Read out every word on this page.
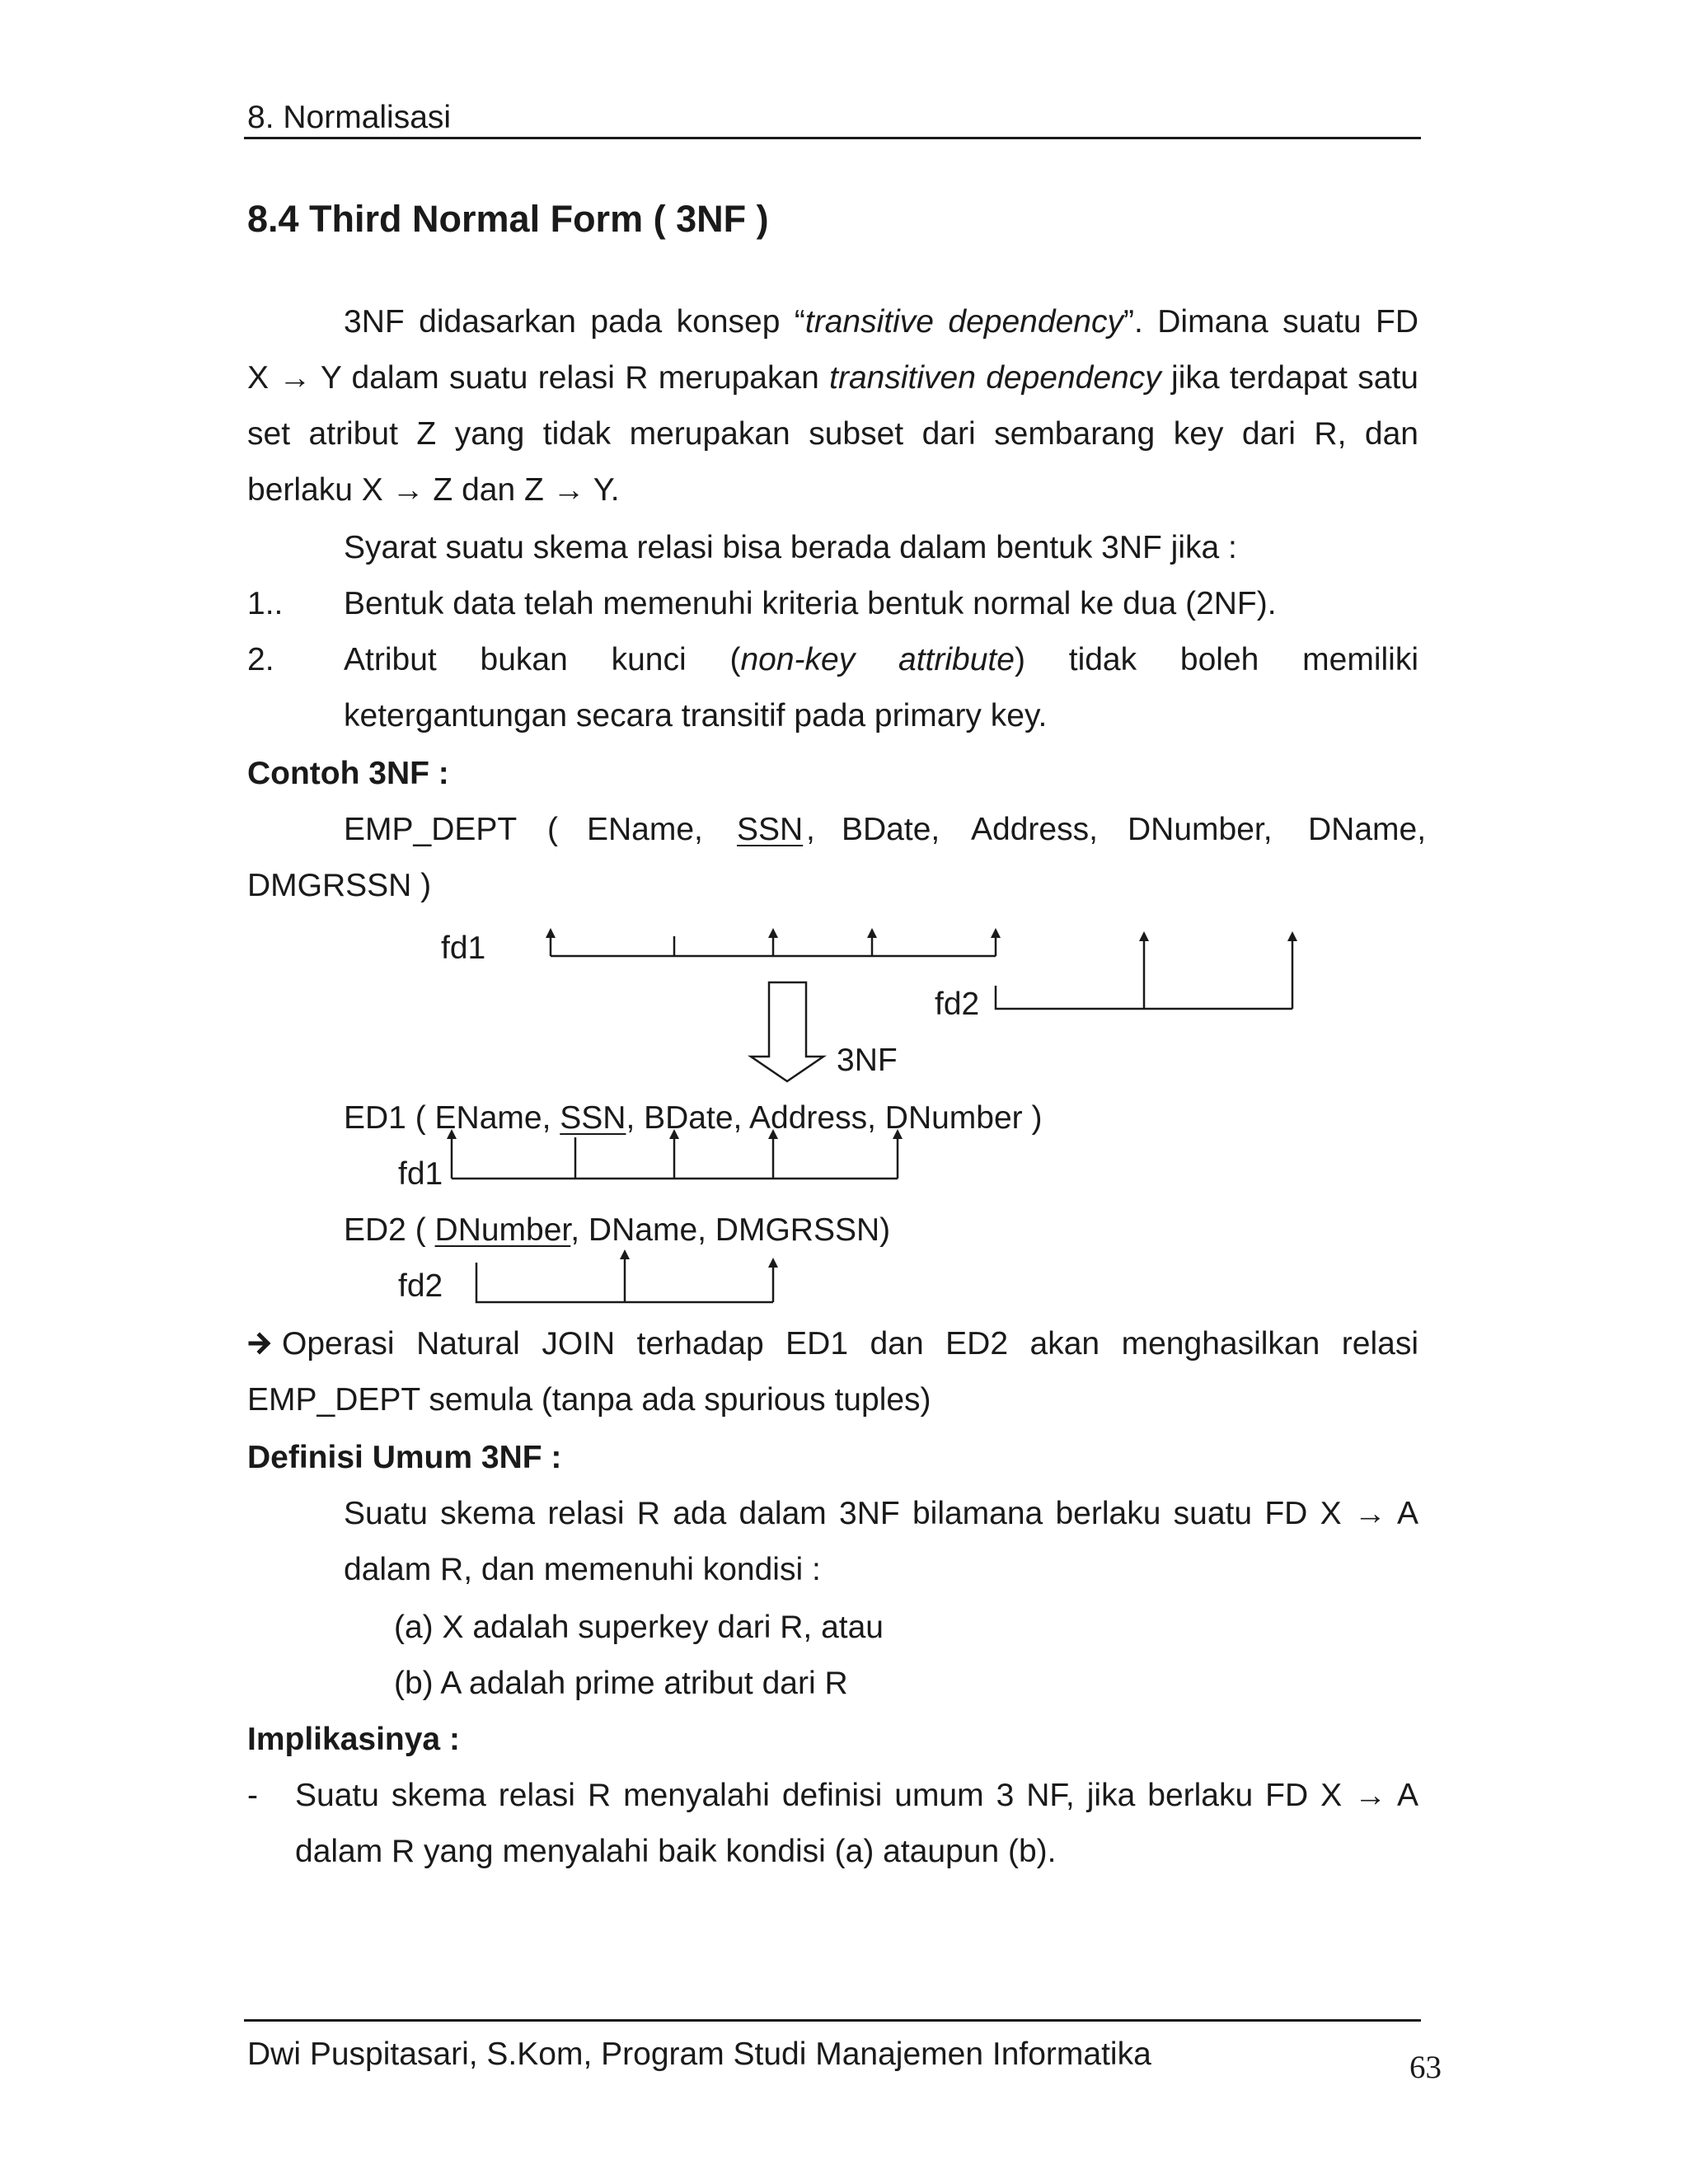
8. Normalisasi
8.4 Third Normal Form ( 3NF )
3NF didasarkan pada konsep “transitive dependency”. Dimana suatu FD
X → Y dalam suatu relasi R merupakan transitiven dependency jika terdapat satu
set atribut Z yang tidak merupakan subset dari sembarang key dari R, dan
berlaku X → Z dan Z → Y.
Syarat suatu skema relasi bisa berada dalam bentuk 3NF jika :
1.. Bentuk data telah memenuhi kriteria bentuk normal ke dua (2NF).
2. Atribut bukan kunci (non-key attribute) tidak boleh memiliki
ketergantungan secara transitif pada primary key.
Contoh 3NF :
EMP_DEPT ( EName, SSN , BDate, Address, DNumber, DName,
DMGRSSN )
fd1
fd2
3NF
ED1 ( EName, SSN, BDate, Address, DNumber )
fd1
ED2 ( DNumber, DName, DMGRSSN)
fd2
Operasi Natural JOIN terhadap ED1 dan ED2 akan menghasilkan relasi
EMP_DEPT semula (tanpa ada spurious tuples)
Definisi Umum 3NF :
Suatu skema relasi R ada dalam 3NF bilamana berlaku suatu FD X → A
dalam R, dan memenuhi kondisi :
(a) X adalah superkey dari R, atau
(b) A adalah prime atribut dari R
Implikasinya :
- Suatu skema relasi R menyalahi definisi umum 3 NF, jika berlaku FD X → A
dalam R yang menyalahi baik kondisi (a) ataupun (b).
Dwi Puspitasari, S.Kom, Program Studi Manajemen Informatika	63
